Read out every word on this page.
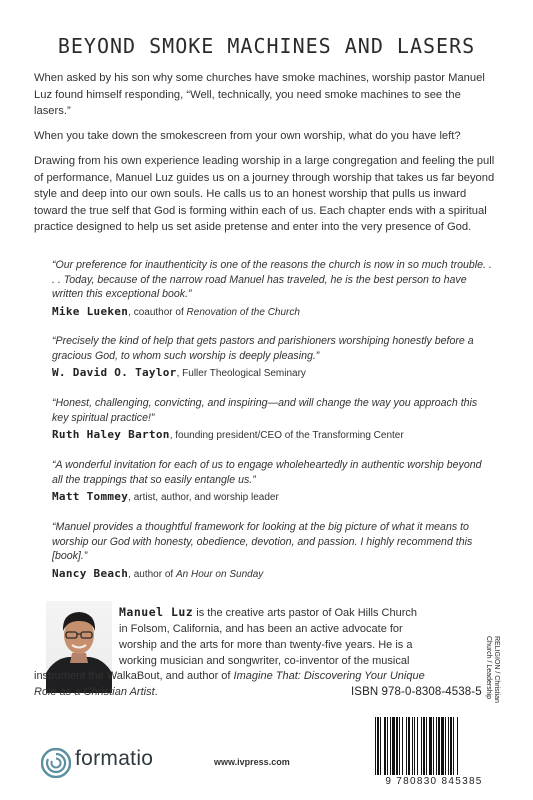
BEYOND SMOKE MACHINES AND LASERS

When asked by his son why some churches have smoke machines, worship pastor Manuel Luz found himself responding, “Well, technically, you need smoke machines to see the lasers.”

When you take down the smokescreen from your own worship, what do you have left?

Drawing from his own experience leading worship in a large congregation and feeling the pull of performance, Manuel Luz guides us on a journey through worship that takes us far beyond style and deep into our own souls. He calls us to an honest worship that pulls us inward toward the true self that God is forming within each of us. Each chapter ends with a spiritual practice designed to help us set aside pretense and enter into the very presence of God.

“Our preference for inauthenticity is one of the reasons the church is now in so much trouble. . . . Today, because of the narrow road Manuel has traveled, he is the best person to have written this exceptional book.”

Mike Lueken, coauthor of Renovation of the Church

“Precisely the kind of help that gets pastors and parishioners worshiping honestly before a gracious God, to whom such worship is deeply pleasing.”

W. David O. Taylor, Fuller Theological Seminary

“Honest, challenging, convicting, and inspiring—and will change the way you approach this key spiritual practice!”

Ruth Haley Barton, founding president/CEO of the Transforming Center

“A wonderful invitation for each of us to engage wholeheartedly in authentic worship beyond all the trappings that so easily entangle us.”

Matt Tommey, artist, author, and worship leader

“Manuel provides a thoughtful framework for looking at the big picture of what it means to worship our God with honesty, obedience, devotion, and passion. I highly recommend this [book].”

Nancy Beach, author of An Hour on Sunday

Manuel Luz is the creative arts pastor of Oak Hills Church in Folsom, California, and has been an active advocate for worship and the arts for more than twenty-five years. He is a working musician and songwriter, co-inventor of the musical

instrument the WalkaBout, and author of Imagine That: Discovering Your Unique Role as a Christian Artist.	ISBN 978-0-8308-4538-5	RELIGION / Christian Church / Leadership
9 780830 845385
formatio	www.ivpress.com
